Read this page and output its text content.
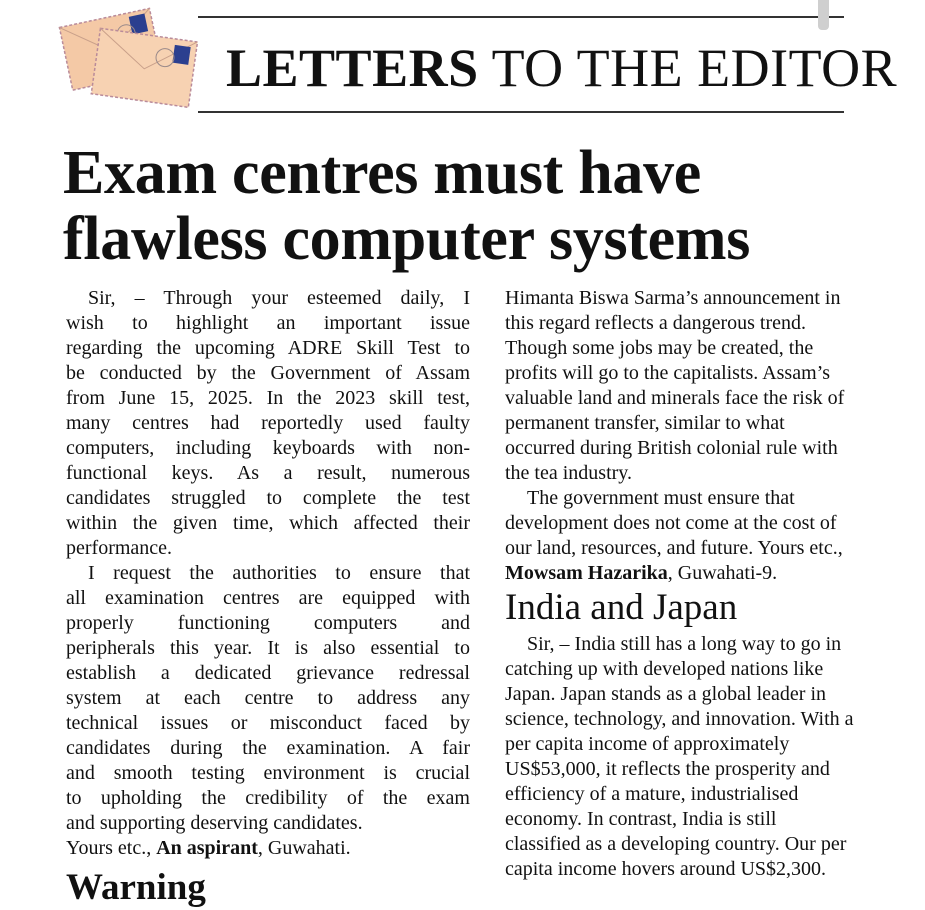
LETTERS TO THE EDITOR
Exam centres must have
flawless computer systems
Sir, – Through your esteemed daily, I
wish to highlight an important issue
regarding the upcoming ADRE Skill Test to
be conducted by the Government of Assam
from June 15, 2025. In the 2023 skill test,
many centres had reportedly used faulty
computers, including keyboards with non-
functional keys. As a result, numerous
candidates struggled to complete the test
within the given time, which affected their
performance.
I request the authorities to ensure that
all examination centres are equipped with
properly functioning computers and
peripherals this year. It is also essential to
establish a dedicated grievance redressal
system at each centre to address any
technical issues or misconduct faced by
candidates during the examination. A fair
and smooth testing environment is crucial
to upholding the credibility of the exam
and supporting deserving candidates.
Yours etc., An aspirant, Guwahati.
Himanta Biswa Sarma’s announcement in
this regard reflects a dangerous trend.
Though some jobs may be created, the
profits will go to the capitalists. Assam’s
valuable land and minerals face the risk of
permanent transfer, similar to what
occurred during British colonial rule with
the tea industry.
The government must ensure that
development does not come at the cost of
our land, resources, and future. Yours etc.,
Mowsam Hazarika, Guwahati-9.
India and Japan
Sir, – India still has a long way to go in
catching up with developed nations like
Japan. Japan stands as a global leader in
science, technology, and innovation. With a
per capita income of approximately
US$53,000, it reflects the prosperity and
efficiency of a mature, industrialised
economy. In contrast, India is still
classified as a developing country. Our per
capita income hovers around US$2,300.
Warning
